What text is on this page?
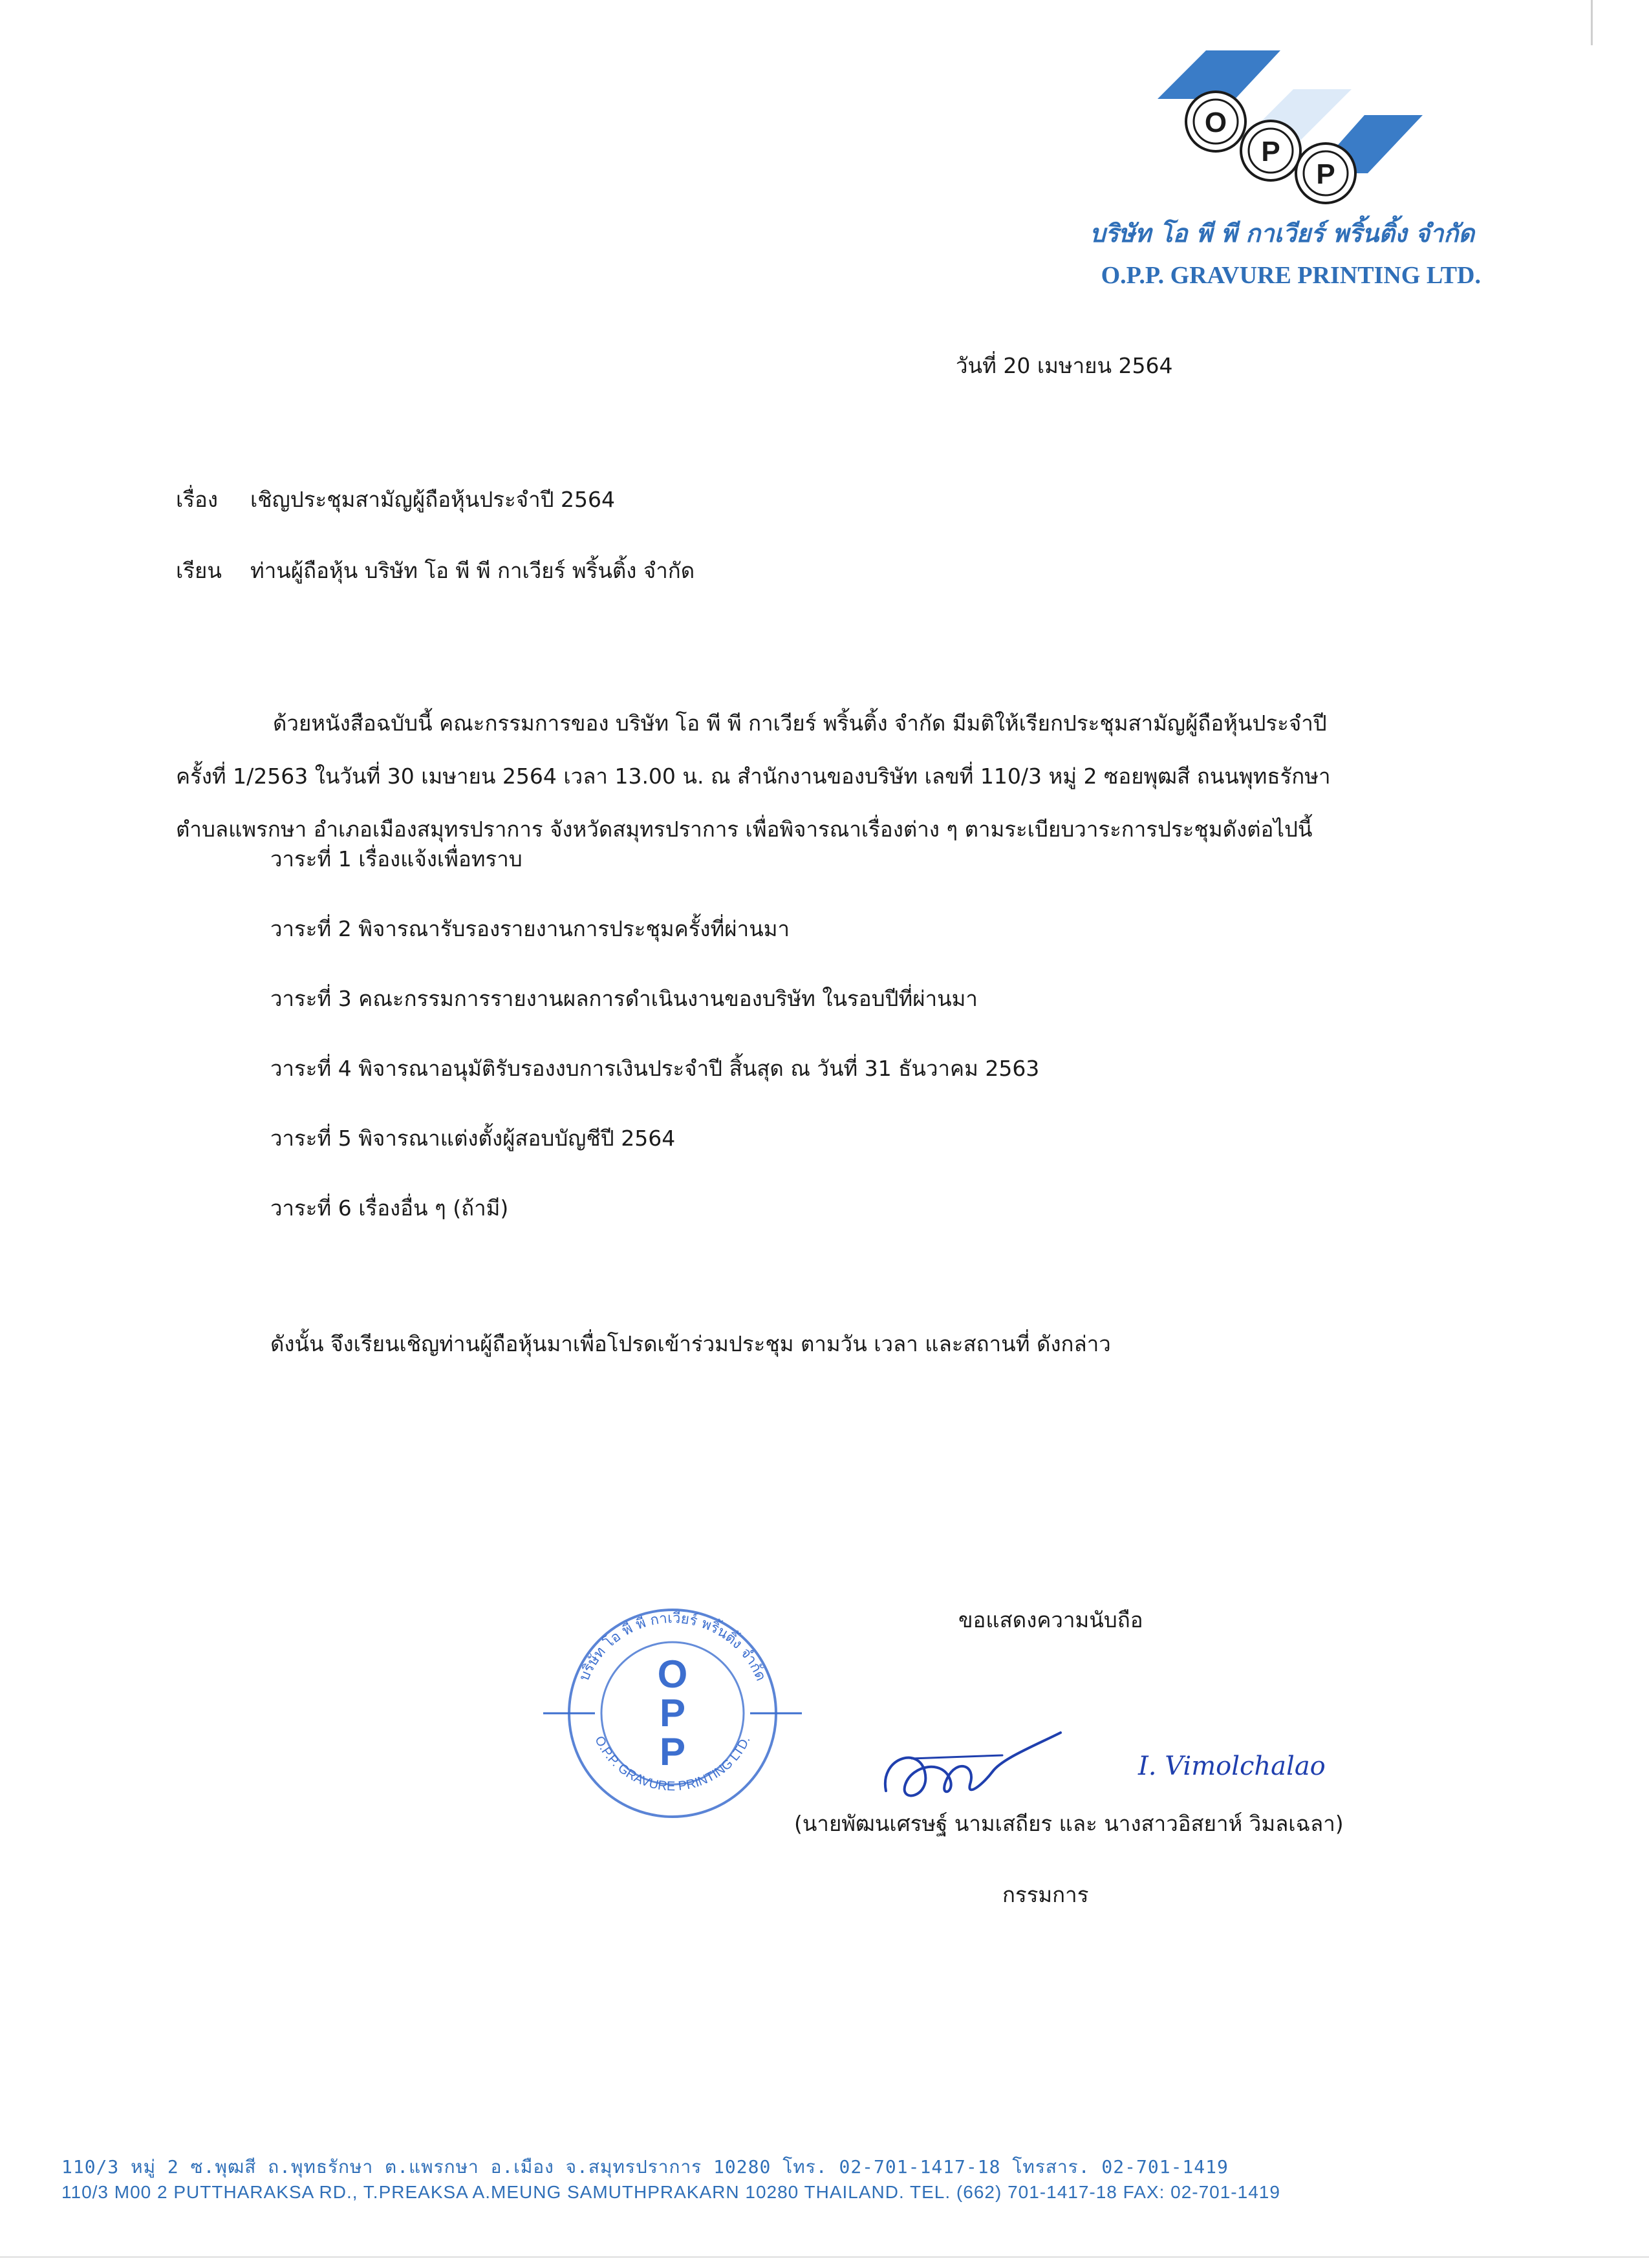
O
P
P
บริษัท โอ พี พี กาเวียร์ พริ้นติ้ง จำกัด
O.P.P. GRAVURE PRINTING LTD.
วันที่ 20 เมษายน 2564
เรื่อง เชิญประชุมสามัญผู้ถือหุ้นประจำปี 2564
เรียน ท่านผู้ถือหุ้น บริษัท โอ พี พี กาเวียร์ พริ้นติ้ง จำกัด

ด้วยหนังสือฉบับนี้ คณะกรรมการของ บริษัท โอ พี พี กาเวียร์ พริ้นติ้ง จำกัด มีมติให้เรียกประชุมสามัญผู้ถือหุ้นประจำปี

ครั้งที่ 1/2563 ในวันที่ 30 เมษายน 2564 เวลา 13.00 น. ณ สำนักงานของบริษัท เลขที่ 110/3 หมู่ 2 ซอยพุฒสี ถนนพุทธรักษา

ตำบลแพรกษา อำเภอเมืองสมุทรปราการ จังหวัดสมุทรปราการ เพื่อพิจารณาเรื่องต่าง ๆ ตามระเบียบวาระการประชุมดังต่อไปนี้

วาระที่ 1 เรื่องแจ้งเพื่อทราบ
วาระที่ 2 พิจารณารับรองรายงานการประชุมครั้งที่ผ่านมา
วาระที่ 3 คณะกรรมการรายงานผลการดำเนินงานของบริษัท ในรอบปีที่ผ่านมา
วาระที่ 4 พิจารณาอนุมัติรับรองงบการเงินประจำปี สิ้นสุด ณ วันที่ 31 ธันวาคม 2563
วาระที่ 5 พิจารณาแต่งตั้งผู้สอบบัญชีปี 2564
วาระที่ 6 เรื่องอื่น ๆ (ถ้ามี)
ดังนั้น จึงเรียนเชิญท่านผู้ถือหุ้นมาเพื่อโปรดเข้าร่วมประชุม ตามวัน เวลา และสถานที่ ดังกล่าว
ขอแสดงความนับถือ
บริษัท โอ พี พี กาเวียร์ พริ้นติ้ง จำกัด
O.P.P. GRAVURE PRINTING LTD.
O
P
P	I. Vimolchalao
(นายพัฒนเศรษฐ์ นามเสถียร และ นางสาวอิสยาห์ วิมลเฉลา)
กรรมการ
110/3 หมู่ 2 ซ.พุฒสี ถ.พุทธรักษา ต.แพรกษา อ.เมือง จ.สมุทรปราการ 10280 โทร. 02-701-1417-18 โทรสาร. 02-701-1419
110/3 M00 2 PUTTHARAKSA RD., T.PREAKSA A.MEUNG SAMUTHPRAKARN 10280 THAILAND. TEL. (662) 701-1417-18 FAX: 02-701-1419
